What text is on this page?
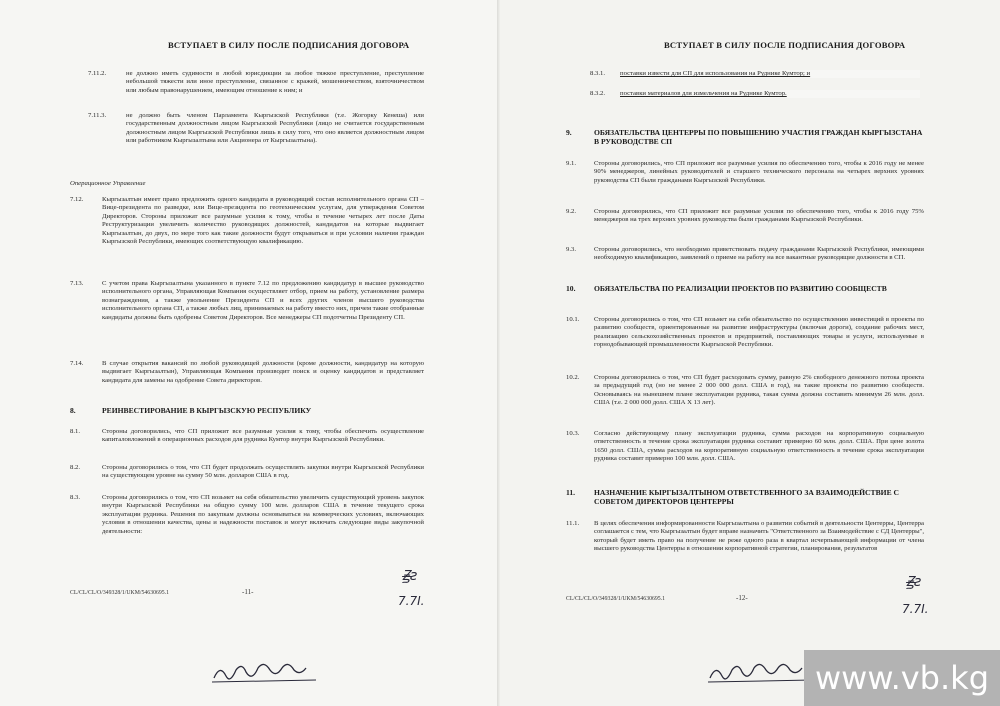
ВСТУПАЕТ В СИЛУ ПОСЛЕ ПОДПИСАНИЯ ДОГОВОРА
7.11.2.	не должно иметь судимости в любой юрисдикции за любое тяжкое преступление, преступление небольшой тяжести или иное преступление, связанное с кражей, мошенничеством, взяточничеством или любым правонарушением, имеющим отношение к ним; и
7.11.3.	не должно быть членом Парламента Кыргызской Республики (т.е. Жогорку Кенеша) или государственным должностным лицом Кыргызской Республики (лицо не считается государственным должностным лицом Кыргызской Республики лишь в силу того, что оно является должностным лицом или работником Кыргызалтына или Акционера от Кыргызалтына).
Операционное Управление
7.12.	Кыргызалтын имеет право предложить одного кандидата в руководящий состав исполнительного органа СП – Вице-президента по разведке, или Вице-президента по геотехническим услугам, для утверждения Советом Директоров. Стороны приложат все разумные усилия к тому, чтобы в течение четырех лет после Даты Реструктуризации увеличить количество руководящих должностей, кандидатов на которые выдвигает Кыргызалтын, до двух, по мере того как такие должности будут открываться и при условии наличия граждан Кыргызской Республики, имеющих соответствующую квалификацию.
7.13.	С учетом права Кыргызалтына указанного в пункте 7.12 по предложению кандидатур в высшее руководство исполнительного органа, Управляющая Компания осуществляет отбор, прием на работу, установление размера вознаграждения, а также увольнение Президента СП и всех других членов высшего руководства исполнительного органа СП, а также любых лиц, принимаемых на работу вместо них, причем такие отобранные кандидаты должны быть одобрены Советом Директоров. Все менеджеры СП подотчетны Президенту СП.
7.14.	В случае открытия вакансий по любой руководящей должности (кроме должности, кандидатур на которую выдвигает Кыргызалтын), Управляющая Компания производит поиск и оценку кандидатов и представляет кандидата для замены на одобрение Совета директоров.
8.	РЕИНВЕСТИРОВАНИЕ В КЫРГЫЗСКУЮ РЕСПУБЛИКУ
8.1.	Стороны договорились, что СП приложит все разумные усилия к тому, чтобы обеспечить осуществление капиталовложений в операционных расходов для рудника Кумтор внутри Кыргызской Республики.
8.2.	Стороны договорились о том, что СП будет продолжать осуществлять закупки внутри Кыргызской Республики на существующем уровне на сумму 50 млн. долларов США в год.
8.3.	Стороны договорились о том, что СП возьмет на себя обязательство увеличить существующий уровень закупок внутри Кыргызской Республики на общую сумму 100 млн. долларов США в течение текущего срока эксплуатации рудника. Решения по закупкам должны основываться на коммерческих условиях, включающих условия в отношении качества, цены и надежности поставок и могут включать следующие виды закупочной деятельности:
CL/CL/CL/O/349328/1/UKM/54630695.1	-11-
Ꙃ̶ƨ
7.7I.
ВСТУПАЕТ В СИЛУ ПОСЛЕ ПОДПИСАНИЯ ДОГОВОРА
8.3.1. поставки извести для СП для использования на Руднике Кумтор; и
8.3.2. поставки материалов для измельчения на Руднике Кумтор.
9.	ОБЯЗАТЕЛЬСТВА ЦЕНТЕРРЫ ПО ПОВЫШЕНИЮ УЧАСТИЯ ГРАЖДАН КЫРГЫЗСТАНА В РУКОВОДСТВЕ СП
9.1.	Стороны договорились, что СП приложит все разумные усилия по обеспечению того, чтобы к 2016 году не менее 90% менеджеров, линейных руководителей и старшего технического персонала на четырех верхних уровнях руководства СП были гражданами Кыргызской Республики.
9.2.	Стороны договорились, что СП приложит все разумные усилия по обеспечению того, чтобы к 2016 году 75% менеджеров на трех верхних уровнях руководства были гражданами Кыргызской Республики.
9.3.	Стороны договорились, что необходимо приветствовать подачу гражданами Кыргызской Республики, имеющими необходимую квалификацию, заявлений о приеме на работу на все вакантные руководящие должности в СП.
10. ОБЯЗАТЕЛЬСТВА ПО РЕАЛИЗАЦИИ ПРОЕКТОВ ПО РАЗВИТИЮ СООБЩЕСТВ
10.1. Стороны договорились о том, что СП возьмет на себя обязательство по осуществлению инвестиций в проекты по развитию сообществ, ориентированные на развитие инфраструктуры (включая дороги), создание рабочих мест, реализацию сельскохозяйственных проектов и предприятий, поставляющих товары и услуги, используемые в горнодобывающей промышленности Кыргызской Республики.
10.2. Стороны договорились о том, что СП будет расходовать сумму, равную 2% свободного денежного потока проекта за предыдущий год (но не менее 2 000 000 долл. США в год), на такие проекты по развитию сообществ. Основываясь на нынешнем плане эксплуатации рудника, такая сумма должна составить минимум 26 млн. долл. США (т.е. 2 000 000 долл. США X 13 лет).
10.3. Согласно действующему плану эксплуатации рудника, сумма расходов на корпоративную социальную ответственность в течение срока эксплуатации рудника составит примерно 60 млн. долл. США. При цене золота 1650 долл. США, сумма расходов на корпоративную социальную ответственность в течение срока эксплуатации рудника составит примерно 100 млн. долл. США.
11. НАЗНАЧЕНИЕ КЫРГЫЗАЛТЫНОМ ОТВЕТСТВЕННОГО ЗА ВЗАИМОДЕЙСТВИЕ С СОВЕТОМ ДИРЕКТОРОВ ЦЕНТЕРРЫ
11.1. В целях обеспечения информированности Кыргызалтына о развитии событий в деятельности Центерры, Центерра соглашается с тем, что Кыргызалтын будет вправе назначить "Ответственного за Взаимодействие с СД Центерры", который будет иметь право на получение не реже одного раза в квартал исчерпывающей информации от члена высшего руководства Центерры в отношении корпоративной стратегии, планирования, результатов
CL/CL/CL/O/349328/1/UKM/54630695.1	-12-
Ꙃ̶ƨ
7.7I.
www.vb.kg
